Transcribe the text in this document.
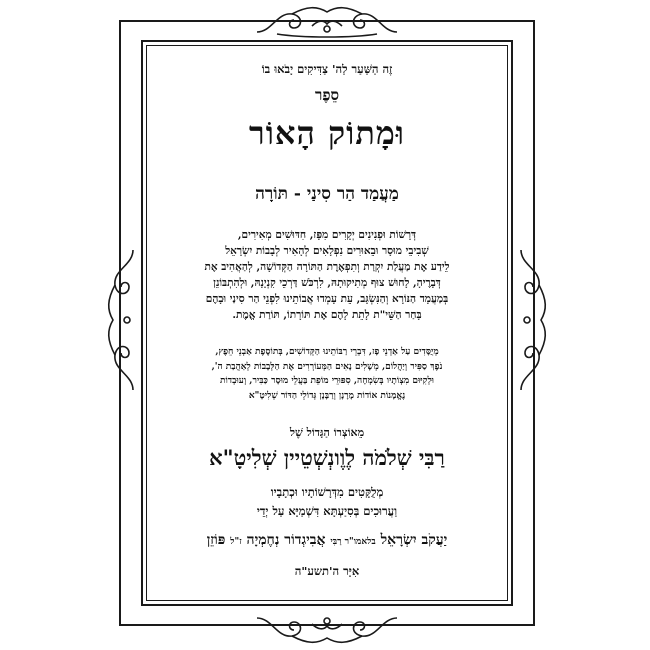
זֶה הַשַּׁעַר לַה' צַדִּיקִים יָבֹאוּ בוֹ
סֵפֶר
וּמָתוֹק הָאוֹר
מַעֲמַד הַר סִינַי - תּוֹרָה
דְּרָשׁוֹת וּפְנִינִים יְקָרִים מִפָּז, חִדּוּשִׁים מְאִירִים,
שְׁבִיבֵי מוּסָר וּבֵאוּרִים נִפְלָאִים לְהָאִיר לְבָבוֹת יִשְׂרָאֵל
לֵידַע אֶת מַעֲלַת יִקְרַת וְתִפְאֶרֶת הַתּוֹרָה הַקְּדוֹשָׁה, לְהַאֲהִיב אֶת
דְּבָרֶיהָ, לָחוּשׁ צוּף מְתִיקוּתָהּ, לִרְכֹּשׁ דַּרְכֵי קִנְיָנָהּ, וּלְהִתְבּוֹנֵן
בְּמַעֲמָד הַנּוֹרָא וְהַנִּשְׂגָּב, עֵת עָמְדוּ אֲבוֹתֵינוּ לִפְנֵי הַר סִינַי וּבָהֶם
בָּחַר הַשֵּׁי"ת לָתֵת לָהֶם אֶת תּוֹרָתוֹ, תּוֹרַת אֱמֶת.
מְיֻסָּדִים עַל אַדְנֵי פָז, דִּבְרֵי רַבּוֹתֵינוּ הַקְּדוֹשִׁים, בְּתוֹסֶפֶת אַבְנֵי חֵפֶץ,
נֹפֶךְ סַפִּיר וְיַהֲלוֹם, מְשָׁלִים נָאִים הַמְּעוֹרְרִים אֶת הַלְּבָבוֹת לְאַהֲבַת ה',
וּלְקִיּוּם מִצְוֹתָיו בְּשִׂמְחָה, סִפּוּרֵי מוֹפֵת בַּעֲלֵי מוּסָר כַּבִּיר, וְעוּבְדוֹת
נֶאֱמָנוֹת אוֹדוֹת מָרָנָן וְרַבָּנָן גְּדוֹלֵי הַדּוֹר שְׁלִיטָ"א
מֵאוֹצְרוֹ הַגָּדוֹל שֶׁל
רַבִּי שְׁלֹמֹה לֶוֶונְשְׁטֵיין שְׁלִיטָ"א
מְלֻקָּטִים מִדְּרָשׁוֹתָיו וּכְתָבָיו
וַעֲרוּכִים בְּסִיַעְתָּא דִּשְׁמַיָּא עַל יְדֵי
יַעֲקֹב יִשְׂרָאֵל בלאמו"ר רַבִּי אֲבִיגְדוֹר נְחֶמְיָה ז"ל פּוֹזֵן
אִיָּר ה'תשע"ה
